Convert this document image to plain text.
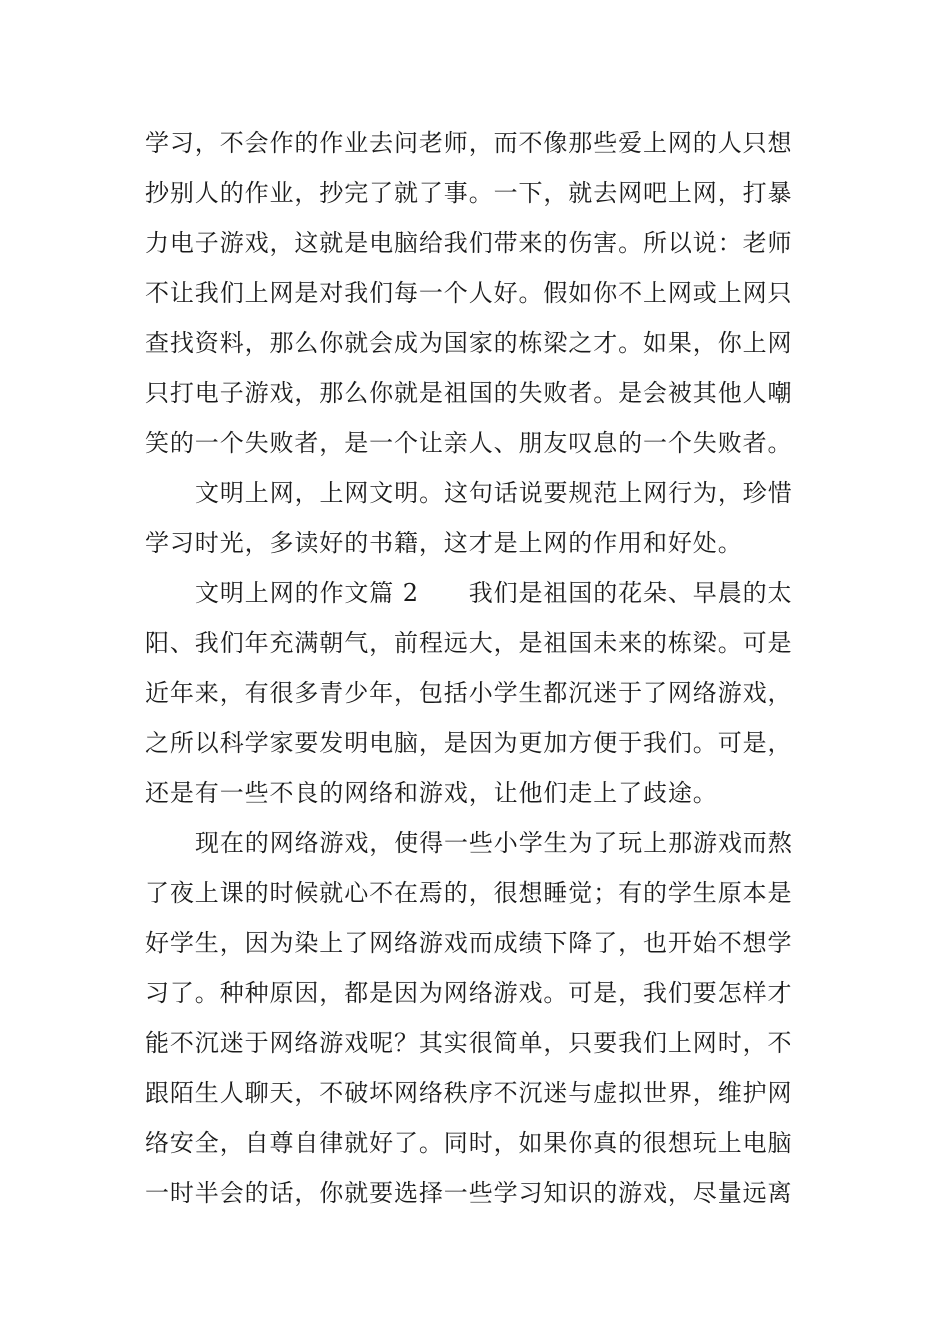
学习，不会作的作业去问老师，而不像那些爱上网的人只想
抄别人的作业，抄完了就了事。一下，就去网吧上网，打暴
力电子游戏，这就是电脑给我们带来的伤害。所以说：老师
不让我们上网是对我们每一个人好。假如你不上网或上网只
查找资料，那么你就会成为国家的栋梁之才。如果，你上网
只打电子游戏，那么你就是祖国的失败者。是会被其他人嘲
笑的一个失败者，是一个让亲人、朋友叹息的一个失败者。
文明上网，上网文明。这句话说要规范上网行为，珍惜
学习时光，多读好的书籍，这才是上网的作用和好处。
文明上网的作文篇 2　　我们是祖国的花朵、早晨的太
阳、我们年充满朝气，前程远大，是祖国未来的栋梁。可是
近年来，有很多青少年，包括小学生都沉迷于了网络游戏，
之所以科学家要发明电脑，是因为更加方便于我们。可是，
还是有一些不良的网络和游戏，让他们走上了歧途。
现在的网络游戏，使得一些小学生为了玩上那游戏而熬
了夜上课的时候就心不在焉的，很想睡觉；有的学生原本是
好学生，因为染上了网络游戏而成绩下降了，也开始不想学
习了。种种原因，都是因为网络游戏。可是，我们要怎样才
能不沉迷于网络游戏呢？其实很简单，只要我们上网时，不
跟陌生人聊天，不破坏网络秩序不沉迷与虚拟世界，维护网
络安全，自尊自律就好了。同时，如果你真的很想玩上电脑
一时半会的话，你就要选择一些学习知识的游戏，尽量远离
